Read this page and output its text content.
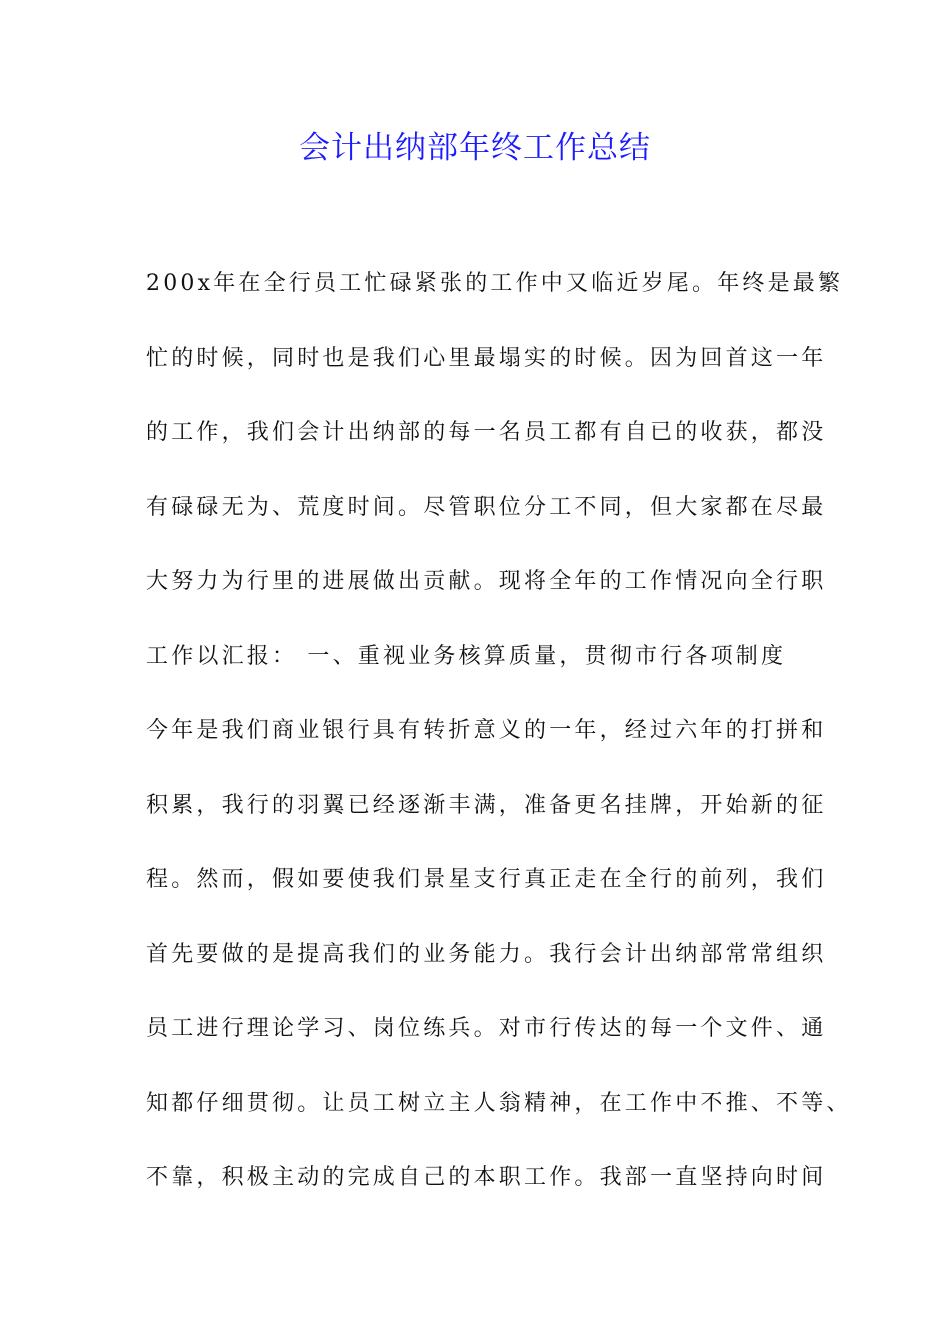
会计出纳部年终工作总结
200x年在全行员工忙碌紧张的工作中又临近岁尾。年终是最繁
忙的时候，同时也是我们心里最塌实的时候。因为回首这一年
的工作，我们会计出纳部的每一名员工都有自已的收获，都没
有碌碌无为、荒度时间。尽管职位分工不同，但大家都在尽最
大努力为行里的进展做出贡献。现将全年的工作情况向全行职
工作以汇报： 一、重视业务核算质量，贯彻市行各项制度
今年是我们商业银行具有转折意义的一年，经过六年的打拼和
积累，我行的羽翼已经逐渐丰满，准备更名挂牌，开始新的征
程。然而，假如要使我们景星支行真正走在全行的前列，我们
首先要做的是提高我们的业务能力。我行会计出纳部常常组织
员工进行理论学习、岗位练兵。对市行传达的每一个文件、通
知都仔细贯彻。让员工树立主人翁精神，在工作中不推、不等、
不靠，积极主动的完成自己的本职工作。我部一直坚持向时间
